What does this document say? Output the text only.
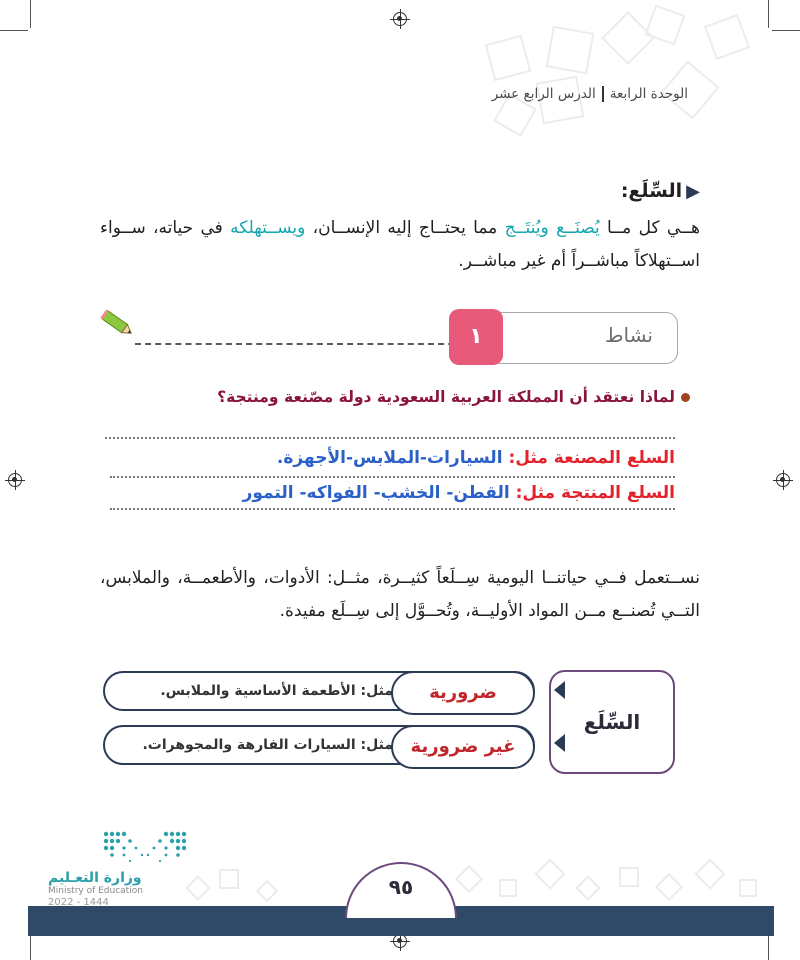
الوحدة الرابعةالدرس الرابع عشر
▶السِّلَع:
هــي كل مــا يُصنَــع ويُنتَــج مما يحتــاج إليه الإنســان، ويســتهلكه في حياته، ســواء اســتهلاكاً مباشــراً أم غير مباشــر.
نشاط
١
لماذا نعتقد أن المملكة العربية السعودية دولة مصّنعة ومنتجة؟
السلع المصنعة مثل: السيارات-الملابس-الأجهزة.
السلع المنتجة مثل: القطن- الخشب- الفواكه- التمور
نســتعمل فــي حياتنــا اليومية سِــلَعاً كثيــرة، مثــل: الأدوات، والأطعمــة، والملابس، التــي تُصنــع مــن المواد الأوليــة، وتُحــوَّل إلى سِــلَع مفيدة.
السِّلَع
ضرورية
مثل: الأطعمة الأساسية والملابس.
غير ضرورية
مثل: السيارات الفارهة والمجوهرات.
٩٥
وزارة التعـليم
Ministry of Education
2022 - 1444
